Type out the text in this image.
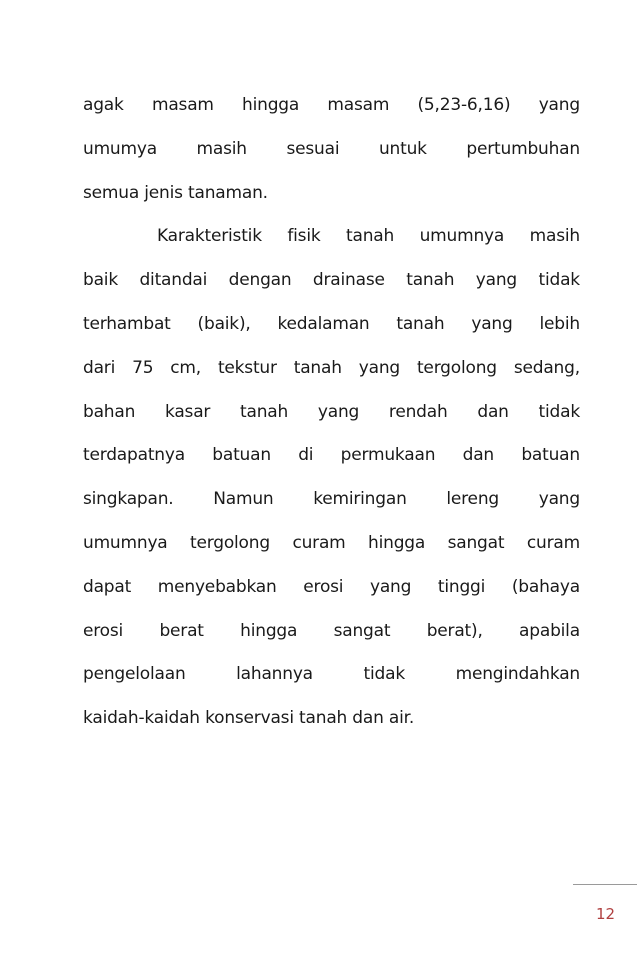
agak masam hingga masam (5,23-6,16) yang
umumya masih sesuai untuk pertumbuhan
semua jenis tanaman.
Karakteristik fisik tanah umumnya masih
baik ditandai dengan drainase tanah yang tidak
terhambat (baik), kedalaman tanah yang lebih
dari 75 cm, tekstur tanah yang tergolong sedang,
bahan kasar tanah yang rendah dan tidak
terdapatnya batuan di permukaan dan batuan
singkapan. Namun kemiringan lereng yang
umumnya tergolong curam hingga sangat curam
dapat menyebabkan erosi yang tinggi (bahaya
erosi berat hingga sangat berat), apabila
pengelolaan	lahannya	tidak	mengindahkan
kaidah-kaidah konservasi tanah dan air.
12
